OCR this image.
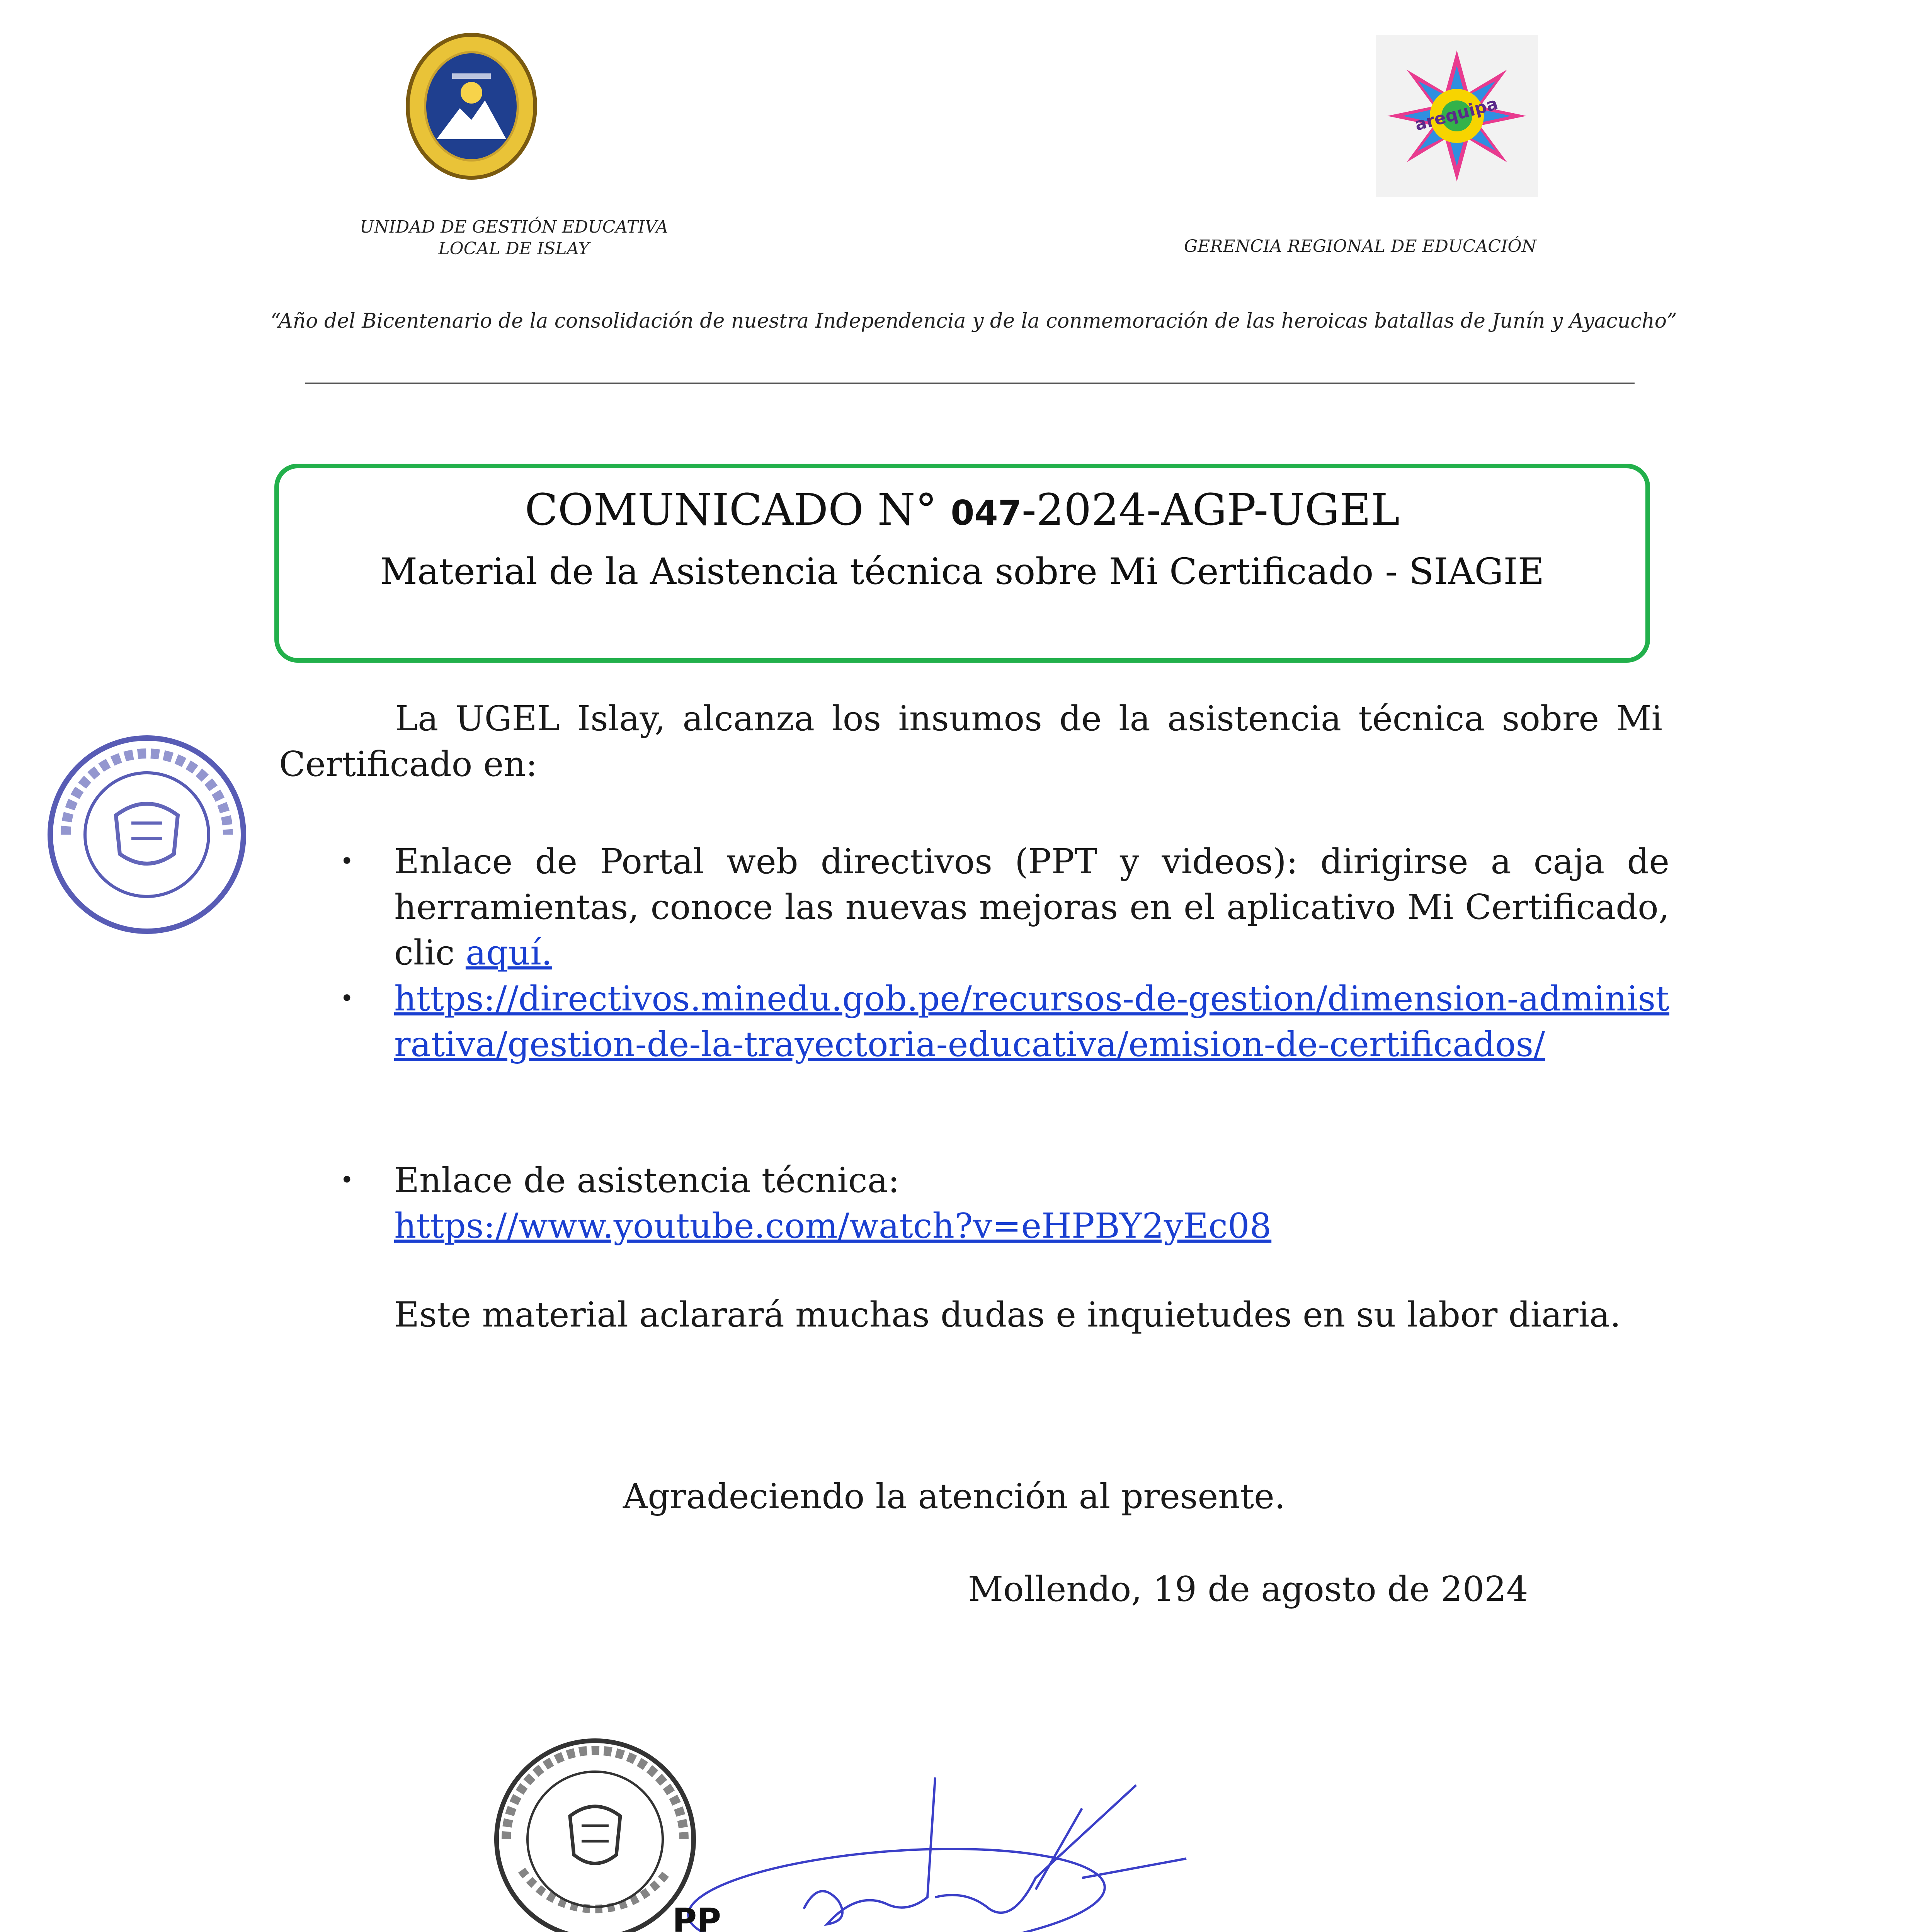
arequipa
UNIDAD DE GESTIÓN EDUCATIVA
LOCAL DE ISLAY	GERENCIA REGIONAL DE EDUCACIÓN
“Año del Bicentenario de la consolidación de nuestra Independencia y de la conmemoración de las heroicas batallas de Junín y Ayacucho”
COMUNICADO N° 047-2024-AGP-UGEL
Material de la Asistencia técnica sobre Mi Certificado - SIAGIE
La UGEL Islay, alcanza los insumos de la asistencia técnica sobre Mi Certificado en:
• Enlace de Portal web directivos (PPT y videos): dirigirse a caja de herramientas, conoce las nuevas mejoras en el aplicativo Mi Certificado, clic aquí.
• https://directivos.minedu.gob.pe/recursos-de-gestion/dimension-administrativa/gestion-de-la-trayectoria-educativa/emision-de-certificados/
• Enlace de asistencia técnica:
https://www.youtube.com/watch?v=eHPBY2yEc08
Este material aclarará muchas dudas e inquietudes en su labor diaria.
Agradeciendo la atención al presente.
Mollendo, 19 de agosto de 2024
PP
